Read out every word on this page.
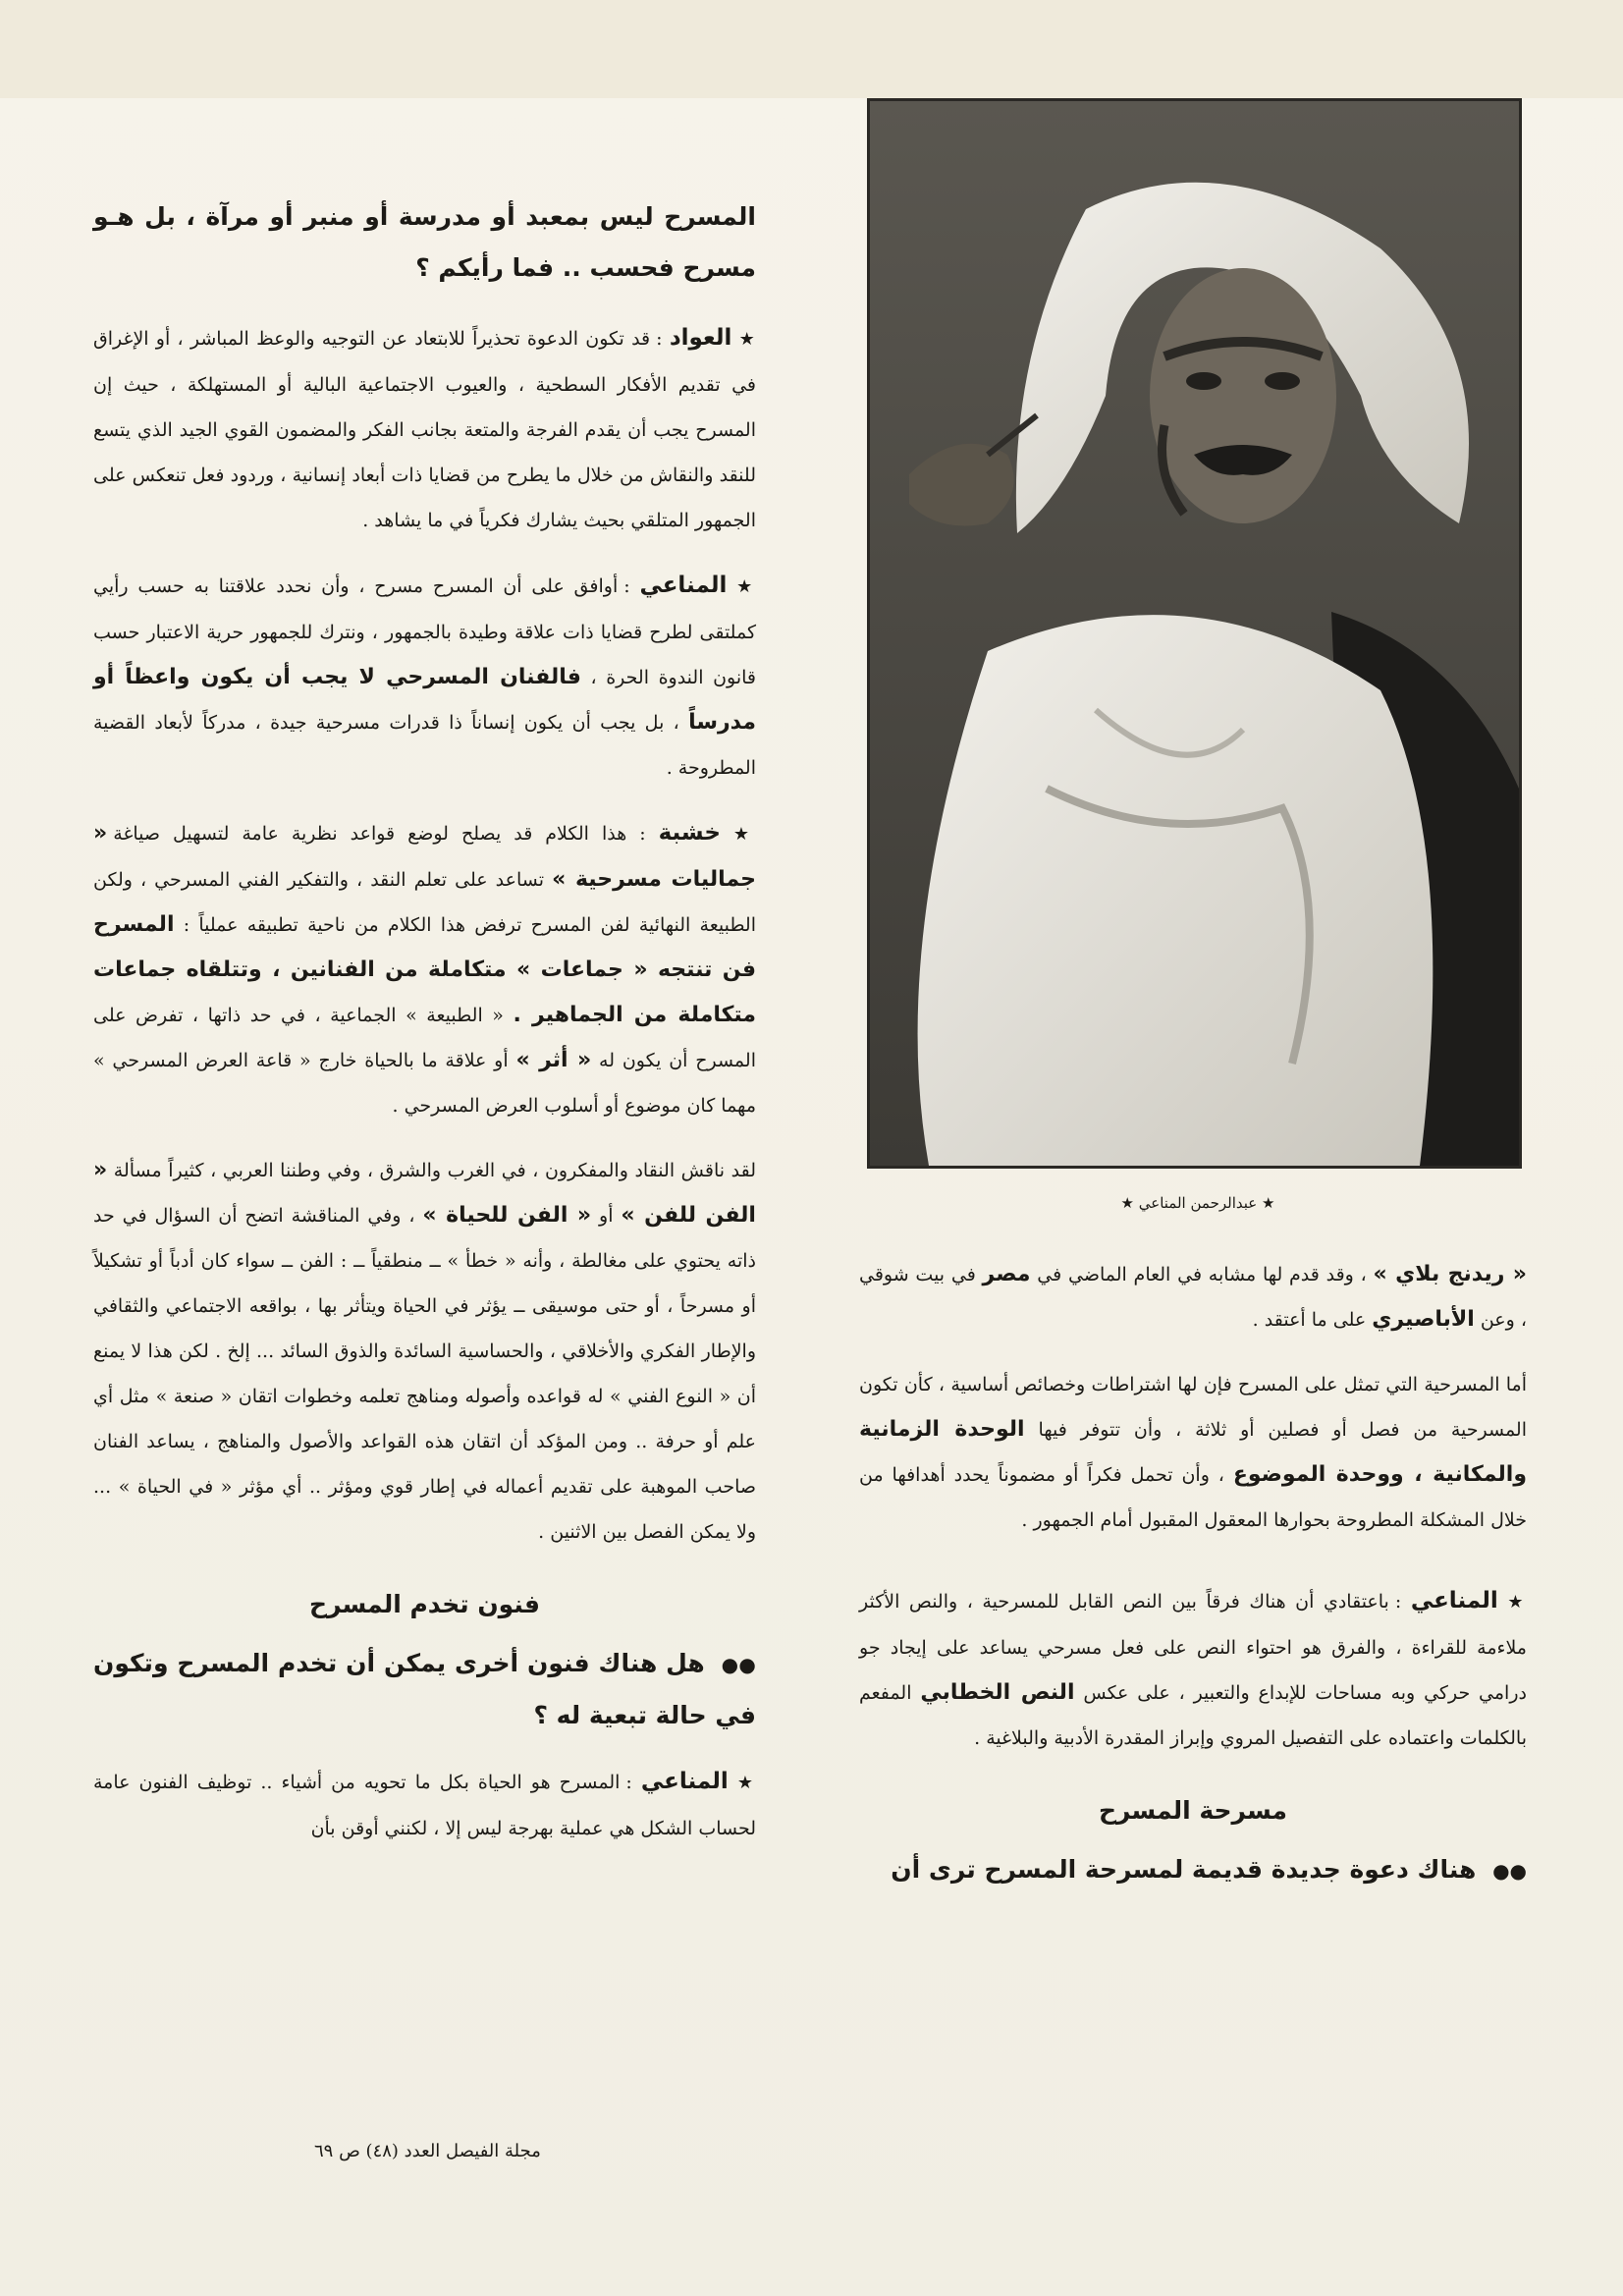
★ عبدالرحمن المناعي ★

المسرح ليس بمعبد أو مدرسة أو منبر أو مرآة ، بل هـو مسرح فحسب .. فما رأيكم ؟

★ العواد : قد تكون الدعوة تحذيراً للابتعاد عن التوجيه والوعظ المباشر ، أو الإغراق في تقديم الأفكار السطحية ، والعيوب الاجتماعية البالية أو المستهلكة ، حيث إن المسرح يجب أن يقدم الفرجة والمتعة بجانب الفكر والمضمون القوي الجيد الذي يتسع للنقد والنقاش من خلال ما يطرح من قضايا ذات أبعاد إنسانية ، وردود فعل تنعكس على الجمهور المتلقي بحيث يشارك فكرياً في ما يشاهد .

★ المناعي : أوافق على أن المسرح مسرح ، وأن نحدد علاقتنا به حسب رأيي كملتقى لطرح قضايا ذات علاقة وطيدة بالجمهور ، ونترك للجمهور حرية الاعتبار حسب قانون الندوة الحرة ، فالفنان المسرحي لا يجب أن يكون واعظاً أو مدرساً ، بل يجب أن يكون إنساناً ذا قدرات مسرحية جيدة ، مدركاً لأبعاد القضية المطروحة .

★ خشبة : هذا الكلام قد يصلح لوضع قواعد نظرية عامة لتسهيل صياغة « جماليات مسرحية » تساعد على تعلم النقد ، والتفكير الفني المسرحي ، ولكن الطبيعة النهائية لفن المسرح ترفض هذا الكلام من ناحية تطبيقه عملياً : المسرح فن تنتجه « جماعات » متكاملة من الفنانين ، وتتلقاه جماعات متكاملة من الجماهير . « الطبيعة » الجماعية ، في حد ذاتها ، تفرض على المسرح أن يكون له « أثر » أو علاقة ما بالحياة خارج « قاعة العرض المسرحي » مهما كان موضوع أو أسلوب العرض المسرحي .

لقد ناقش النقاد والمفكرون ، في الغرب والشرق ، وفي وطننا العربي ، كثيراً مسألة « الفن للفن » أو « الفن للحياة » ، وفي المناقشة اتضح أن السؤال في حد ذاته يحتوي على مغالطة ، وأنه « خطأ » ــ منطقياً ــ : الفن ــ سواء كان أدباً أو تشكيلاً أو مسرحاً ، أو حتى موسيقى ــ يؤثر في الحياة ويتأثر بها ، بواقعه الاجتماعي والثقافي والإطار الفكري والأخلاقي ، والحساسية السائدة والذوق السائد ... إلخ . لكن هذا لا يمنع أن « النوع الفني » له قواعده وأصوله ومناهج تعلمه وخطوات اتقان « صنعة » مثل أي علم أو حرفة .. ومن المؤكد أن اتقان هذه القواعد والأصول والمناهج ، يساعد الفنان صاحب الموهبة على تقديم أعماله في إطار قوي ومؤثر .. أي مؤثر « في الحياة » ... ولا يمكن الفصل بين الاثنين .

فنون تخدم المسرح

●● هل هناك فنون أخرى يمكن أن تخدم المسرح وتكون في حالة تبعية له ؟

★ المناعي : المسرح هو الحياة بكل ما تحويه من أشياء .. توظيف الفنون عامة لحساب الشكل هي عملية بهرجة ليس إلا ، لكنني أوقن بأن

« ريدنج بلاي » ، وقد قدم لها مشابه في العام الماضي في مصر في بيت شوقي ، وعن الأباصيري على ما أعتقد .

أما المسرحية التي تمثل على المسرح فإن لها اشتراطات وخصائص أساسية ، كأن تكون المسرحية من فصل أو فصلين أو ثلاثة ، وأن تتوفر فيها الوحدة الزمانية والمكانية ، ووحدة الموضوع ، وأن تحمل فكراً أو مضموناً يحدد أهدافها من خلال المشكلة المطروحة بحوارها المعقول المقبول أمام الجمهور .

★ المناعي : باعتقادي أن هناك فرقاً بين النص القابل للمسرحية ، والنص الأكثر ملاءمة للقراءة ، والفرق هو احتواء النص على فعل مسرحي يساعد على إيجاد جو درامي حركي وبه مساحات للإبداع والتعبير ، على عكس النص الخطابي المفعم بالكلمات واعتماده على التفصيل المروي وإبراز المقدرة الأدبية والبلاغية .

مسرحة المسرح

●● هناك دعوة جديدة قديمة لمسرحة المسرح ترى أن

مجلة الفيصل العدد (٤٨) ص ٦٩
